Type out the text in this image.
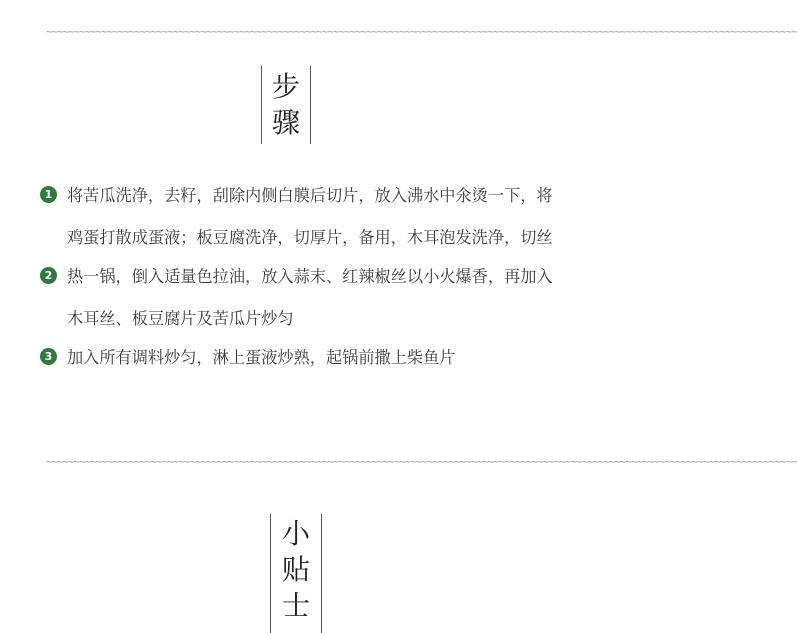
~~~~~~~~~~~~~~~~~~~~~~~~~~~~~~~~~~~~~~~~~~~~~~~~~~~~~~~~~~~~~~~~~~~~~~~~~~~~~~~~~~~~~~~~~~~~~~~~~~~~~~~~~~~~~~~~~~~~~~~~~~~~~~~~~~~~~~~~
步
骤
1 将苦瓜洗净，去籽，刮除内侧白膜后切片，放入沸水中氽烫一下，将鸡蛋打散成蛋液；板豆腐洗净，切厚片，备用，木耳泡发洗净，切丝
2 热一锅，倒入适量色拉油，放入蒜末、红辣椒丝以小火爆香，再加入木耳丝、板豆腐片及苦瓜片炒匀
3 加入所有调料炒匀，淋上蛋液炒熟，起锅前撒上柴鱼片
~~~~~~~~~~~~~~~~~~~~~~~~~~~~~~~~~~~~~~~~~~~~~~~~~~~~~~~~~~~~~~~~~~~~~~~~~~~~~~~~~~~~~~~~~~~~~~~~~~~~~~~~~~~~~~~~~~~~~~~~~~~~~~~~~~~~~~~~
小
贴
士
